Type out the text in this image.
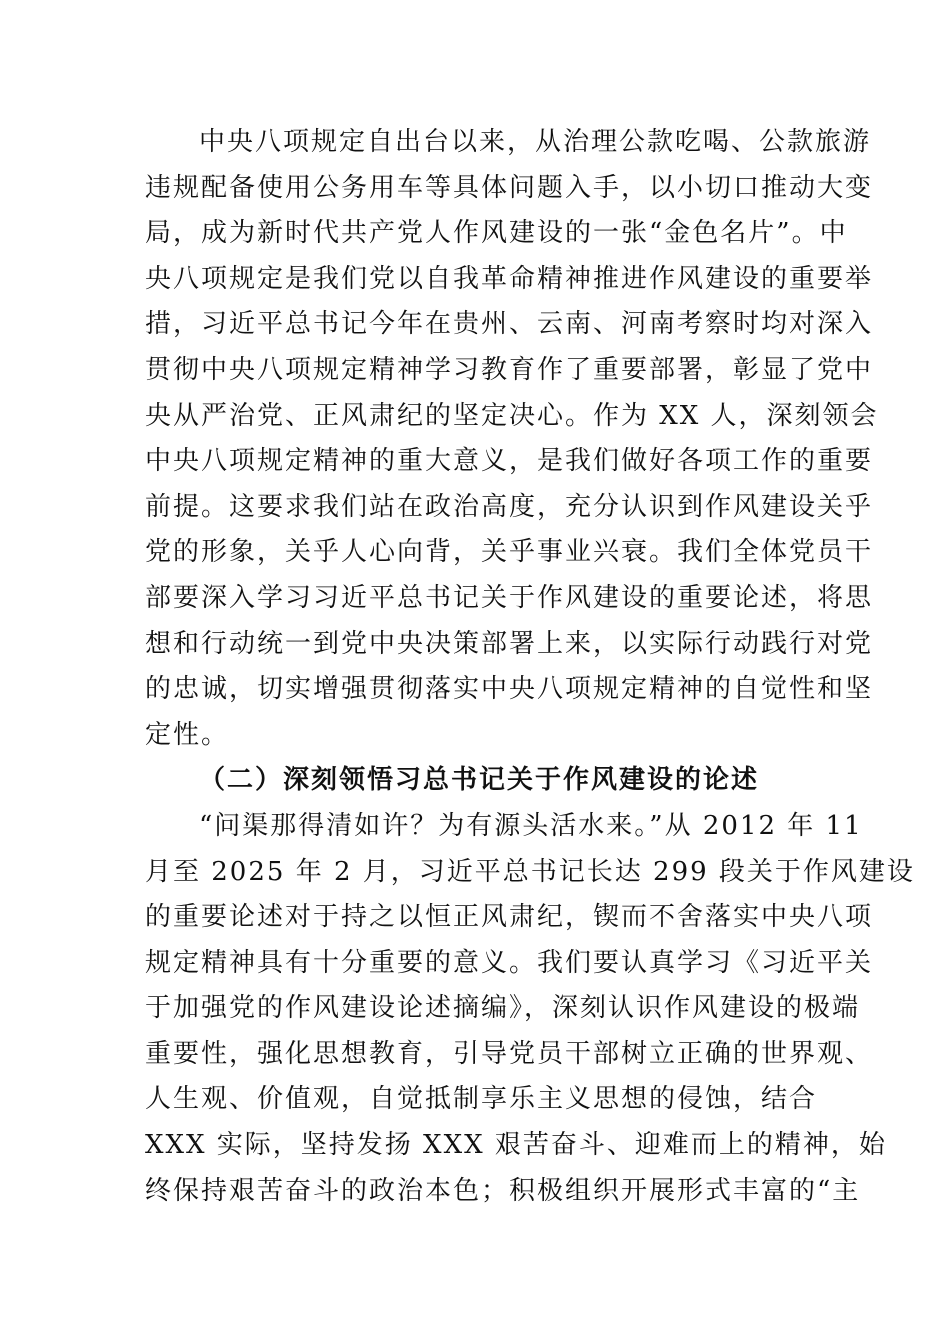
中央八项规定自出台以来，从治理公款吃喝、公款旅游
违规配备使用公务用车等具体问题入手，以小切口推动大变
局，成为新时代共产党人作风建设的一张“金色名片”。中
央八项规定是我们党以自我革命精神推进作风建设的重要举
措，习近平总书记今年在贵州、云南、河南考察时均对深入
贯彻中央八项规定精神学习教育作了重要部署，彰显了党中
央从严治党、正风肃纪的坚定决心。作为 XX 人，深刻领会
中央八项规定精神的重大意义，是我们做好各项工作的重要
前提。这要求我们站在政治高度，充分认识到作风建设关乎
党的形象，关乎人心向背，关乎事业兴衰。我们全体党员干
部要深入学习习近平总书记关于作风建设的重要论述，将思
想和行动统一到党中央决策部署上来，以实际行动践行对党
的忠诚，切实增强贯彻落实中央八项规定精神的自觉性和坚
定性。
（二）深刻领悟习总书记关于作风建设的论述
“问渠那得清如许？为有源头活水来。”从 2012 年 11
月至 2025 年 2 月，习近平总书记长达 299 段关于作风建设
的重要论述对于持之以恒正风肃纪，锲而不舍落实中央八项
规定精神具有十分重要的意义。我们要认真学习《习近平关
于加强党的作风建设论述摘编》，深刻认识作风建设的极端
重要性，强化思想教育，引导党员干部树立正确的世界观、
人生观、价值观，自觉抵制享乐主义思想的侵蚀，结合
XXX 实际，坚持发扬 XXX 艰苦奋斗、迎难而上的精神，始
终保持艰苦奋斗的政治本色；积极组织开展形式丰富的“主
